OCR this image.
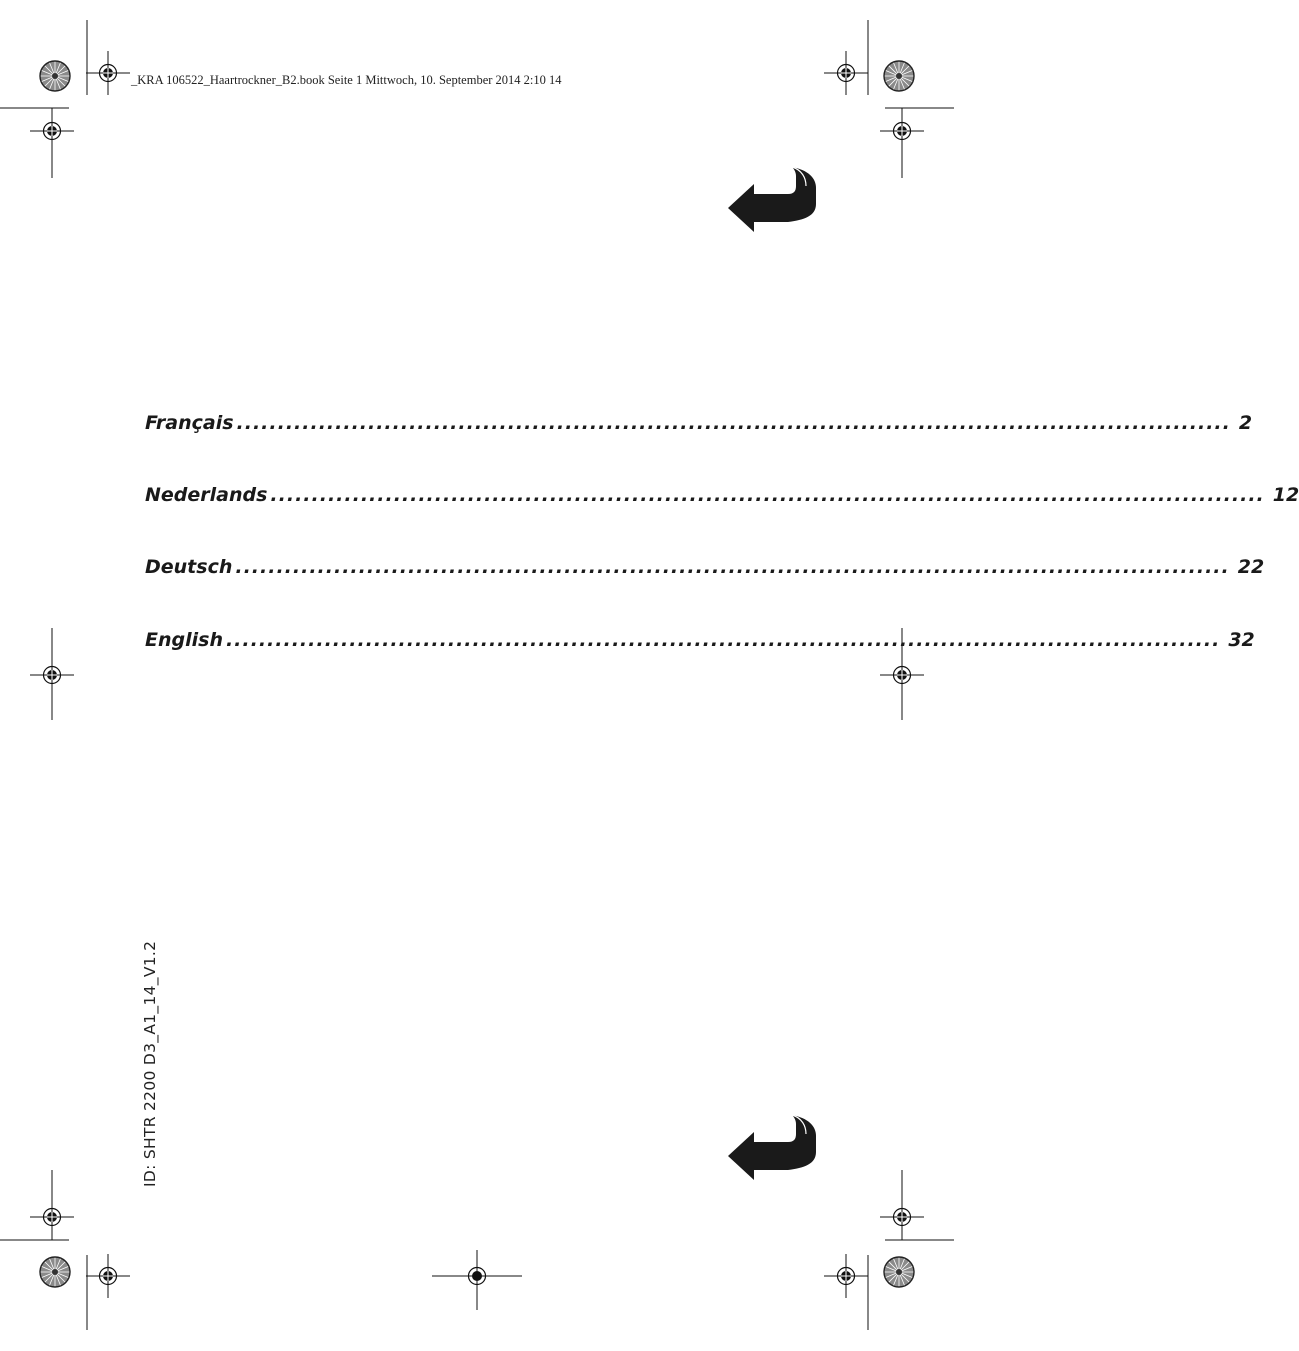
_KRA 106522_Haartrockner_B2.book Seite 1 Mittwoch, 10. September 2014 2:10 14
Français ......................................................................................................................... 2
Nederlands ......................................................................................................................... 12
Deutsch ......................................................................................................................... 22
English ......................................................................................................................... 32
ID: SHTR 2200 D3_A1_14_V1.2
